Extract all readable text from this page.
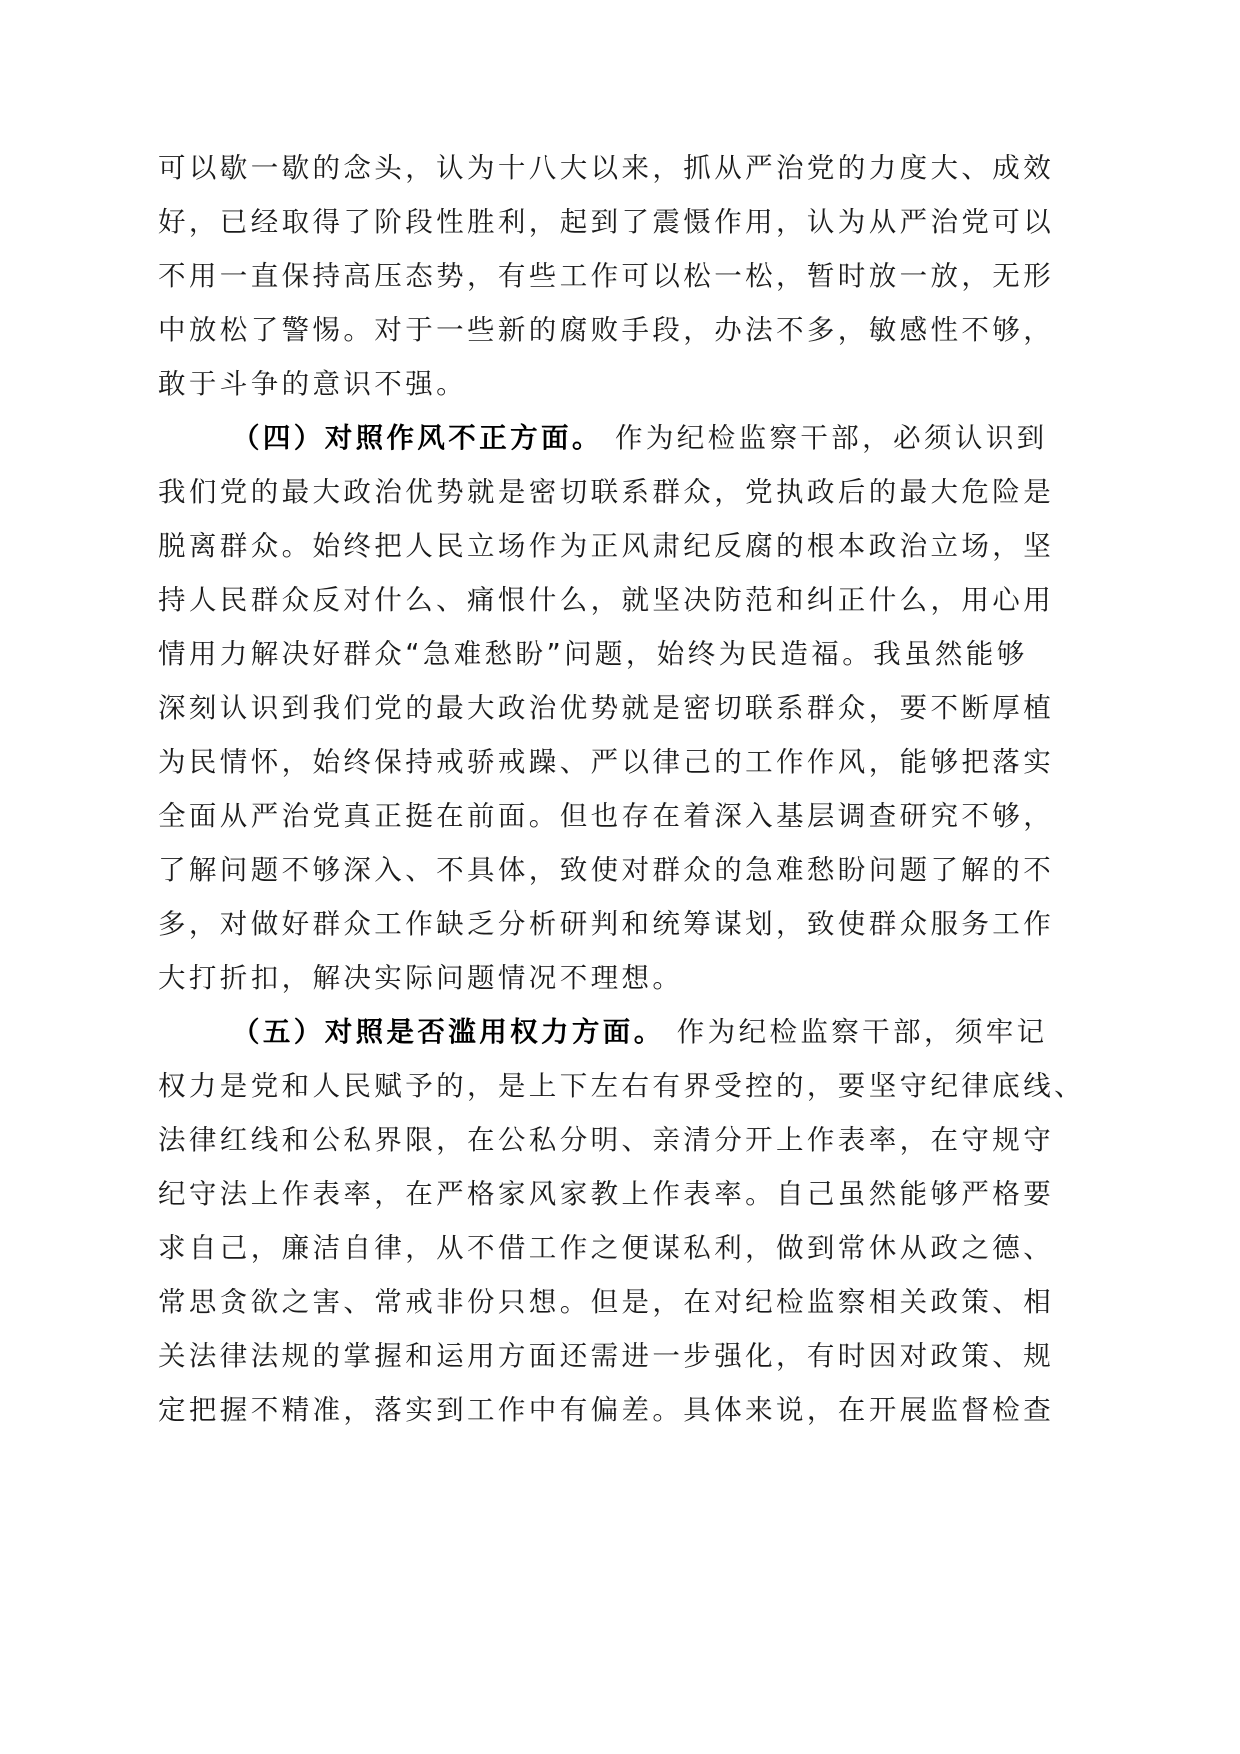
可以歇一歇的念头，认为十八大以来，抓从严治党的力度大、成效

好，已经取得了阶段性胜利，起到了震慑作用，认为从严治党可以

不用一直保持高压态势，有些工作可以松一松，暂时放一放，无形

中放松了警惕。对于一些新的腐败手段，办法不多，敏感性不够，

敢于斗争的意识不强。

（四）对照作风不正方面。 作为纪检监察干部，必须认识到

我们党的最大政治优势就是密切联系群众，党执政后的最大危险是

脱离群众。始终把人民立场作为正风肃纪反腐的根本政治立场，坚

持人民群众反对什么、痛恨什么，就坚决防范和纠正什么，用心用

情用力解决好群众“急难愁盼”问题，始终为民造福。我虽然能够

深刻认识到我们党的最大政治优势就是密切联系群众，要不断厚植

为民情怀，始终保持戒骄戒躁、严以律己的工作作风，能够把落实

全面从严治党真正挺在前面。但也存在着深入基层调查研究不够，

了解问题不够深入、不具体，致使对群众的急难愁盼问题了解的不

多，对做好群众工作缺乏分析研判和统筹谋划，致使群众服务工作

大打折扣，解决实际问题情况不理想。

（五）对照是否滥用权力方面。 作为纪检监察干部，须牢记

权力是党和人民赋予的，是上下左右有界受控的，要坚守纪律底线、

法律红线和公私界限，在公私分明、亲清分开上作表率，在守规守

纪守法上作表率，在严格家风家教上作表率。自己虽然能够严格要

求自己，廉洁自律，从不借工作之便谋私利，做到常休从政之德、

常思贪欲之害、常戒非份只想。但是，在对纪检监察相关政策、相

关法律法规的掌握和运用方面还需进一步强化，有时因对政策、规

定把握不精准，落实到工作中有偏差。具体来说，在开展监督检查
